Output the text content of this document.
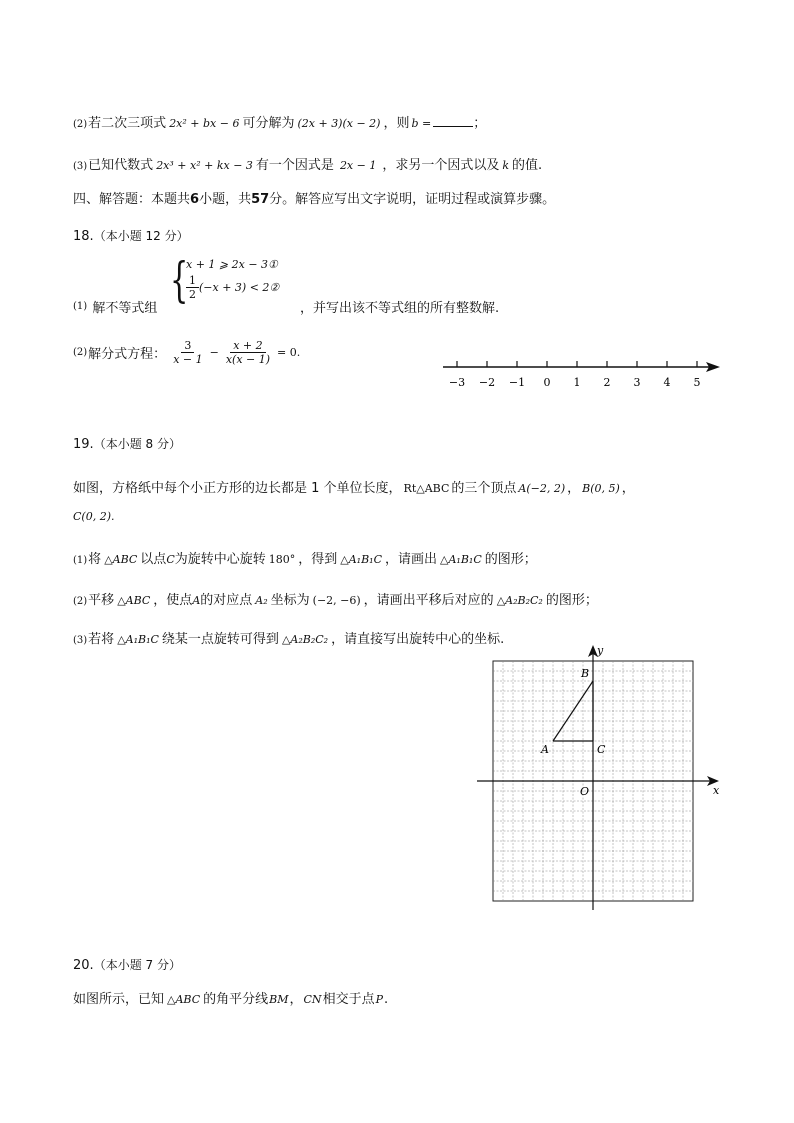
(2) 若二次三项式 2x² + bx − 6 可分解为 (2x + 3)(x − 2) ，则 b =	；
(3) 已知代数式 2x³ + x² + kx − 3 有一个因式是 2x − 1 ，求另一个因式以及 k 的值.
四、解答题：本题共 6 小题，共 57 分。解答应写出文字说明，证明过程或演算步骤。
18. （本小题 12 分）
$^{(1)}$ 解不等式组
{
x + 1 ⩾ 2x − 3①
$\frac{1}{2} (-x + 3)$ < 2②
，并写出该不等式组的所有整数解.
(2) 解分式方程： $\frac{3}{x - 1} - \frac{x + 2}{x(x - 1)} = 0$.
−3 −2 −1 0 1 2 3 4 5
19. （本小题 8 分）
如图，方格纸中每个小正方形的边长都是 1 个单位长度， Rt△ABC 的三个顶点 A(−2, 2) ， B(0, 5) ，
C(0, 2).
(1) 将 △ABC 以点 C 为旋转中心旋转 180° ，得到 △A₁B₁C ，请画出 △A₁B₁C 的图形；
(2) 平移 △ABC ，使点 A 的对应点 A₂ 坐标为 (−2, −6) ，请画出平移后对应的 △A₂B₂C₂ 的图形；
(3) 若将 △A₁B₁C 绕某一点旋转可得到 △A₂B₂C₂ ，请直接写出旋转中心的坐标.
y
x
O
A
B
C
20. （本小题 7 分）
如图所示，已知 △ABC 的角平分线 BM ， CN 相交于点 P .
